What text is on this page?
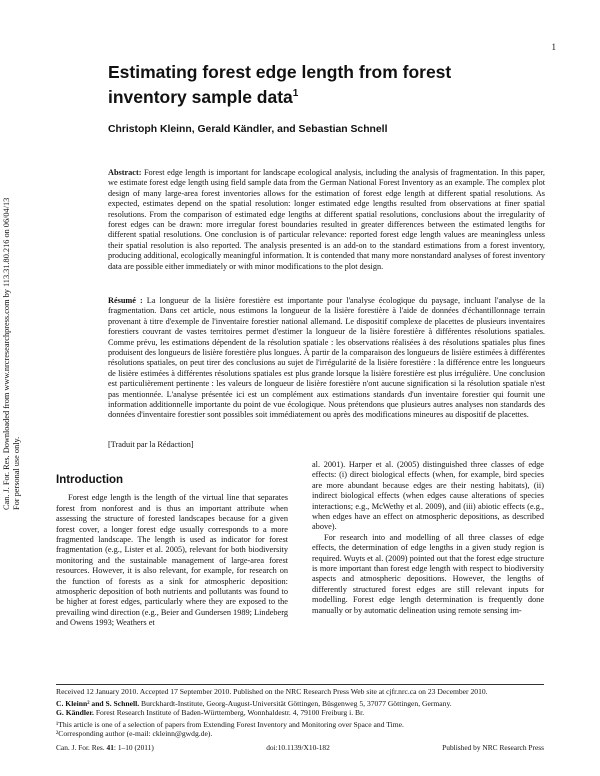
1
Can. J. For. Res. Downloaded from www.nrcresearchpress.com by 113.31.80.216 on 06/04/13 For personal use only.
Estimating forest edge length from forest inventory sample data$^1$
Christoph Kleinn, Gerald Kändler, and Sebastian Schnell
Abstract: Forest edge length is important for landscape ecological analysis, including the analysis of fragmentation. In this paper, we estimate forest edge length using field sample data from the German National Forest Inventory as an example. The complex plot design of many large-area forest inventories allows for the estimation of forest edge length at different spatial resolutions. As expected, estimates depend on the spatial resolution: longer estimated edge lengths resulted from observations at finer spatial resolutions. From the comparison of estimated edge lengths at different spatial resolutions, conclusions about the irregularity of forest edges can be drawn: more irregular forest boundaries resulted in greater differences between the estimated lengths for different spatial resolutions. One conclusion is of particular relevance: reported forest edge length values are meaningless unless their spatial resolution is also reported. The analysis presented is an add-on to the standard estimations from a forest inventory, producing additional, ecologically meaningful information. It is contended that many more nonstandard analyses of forest inventory data are possible either immediately or with minor modifications to the plot design.
Résumé : La longueur de la lisière forestière est importante pour l'analyse écologique du paysage, incluant l'analyse de la fragmentation. Dans cet article, nous estimons la longueur de la lisière forestière à l'aide de données d'échantillonnage terrain provenant à titre d'exemple de l'inventaire forestier national allemand. Le dispositif complexe de placettes de plusieurs inventaires forestiers couvrant de vastes territoires permet d'estimer la longueur de la lisière forestière à différentes résolutions spatiales. Comme prévu, les estimations dépendent de la résolution spatiale : les observations réalisées à des résolutions spatiales plus fines produisent des longueurs de lisière forestière plus longues. À partir de la comparaison des longueurs de lisière estimées à différentes résolutions spatiales, on peut tirer des conclusions au sujet de l'irrégularité de la lisière forestière : la différence entre les longueurs de lisière estimées à différentes résolutions spatiales est plus grande lorsque la lisière forestière est plus irrégulière. Une conclusion est particulièrement pertinente : les valeurs de longueur de lisière forestière n'ont aucune signification si la résolution spatiale n'est pas mentionnée. L'analyse présentée ici est un complément aux estimations standards d'un inventaire forestier qui fournit une information additionnelle importante du point de vue écologique. Nous prétendons que plusieurs autres analyses non standards des données d'inventaire forestier sont possibles soit immédiatement ou après des modifications mineures au dispositif de placettes.
[Traduit par la Rédaction]
Introduction

Forest edge length is the length of the virtual line that separates forest from nonforest and is thus an important attribute when assessing the structure of forested landscapes because for a given forest cover, a longer forest edge usually corresponds to a more fragmented landscape. The length is used as indicator for forest fragmentation (e.g., Lister et al. 2005), relevant for both biodiversity monitoring and the sustainable management of large-area forest resources. However, it is also relevant, for example, for research on the function of forests as a sink for atmospheric deposition: atmospheric deposition of both nutrients and pollutants was found to be higher at forest edges, particularly where they are exposed to the prevailing wind direction (e.g., Beier and Gundersen 1989; Lindeberg and Owens 1993; Weathers et

al. 2001). Harper et al. (2005) distinguished three classes of edge effects: (i) direct biological effects (when, for example, bird species are more abundant because edges are their nesting habitats), (ii) indirect biological effects (when edges cause alterations of species interactions; e.g., McWethy et al. 2009), and (iii) abiotic effects (e.g., when edges have an effect on atmospheric depositions, as described above).

For research into and modelling of all three classes of edge effects, the determination of edge lengths in a given study region is required. Wuyts et al. (2009) pointed out that the forest edge structure is more important than forest edge length with respect to biodiversity aspects and atmospheric depositions. However, the lengths of differently structured forest edges are still relevant inputs for modelling. Forest edge length determination is frequently done manually or by automatic delineation using remote sensing im-

Received 12 January 2010. Accepted 17 September 2010. Published on the NRC Research Press Web site at cjfr.nrc.ca on 23 December 2010.

C. Kleinn² and S. Schnell. Burckhardt-Institute, Georg-August-Universität Göttingen, Büsgenweg 5, 37077 Göttingen, Germany.

G. Kändler. Forest Research Institute of Baden-Württemberg, Wonnhaldestr. 4, 79100 Freiburg i. Br.

¹This article is one of a selection of papers from Extending Forest Inventory and Monitoring over Space and Time.

²Corresponding author (e-mail: ckleinn@gwdg.de).

Can. J. For. Res. 41: 1–10 (2011)	doi:10.1139/X10-182	Published by NRC Research Press
